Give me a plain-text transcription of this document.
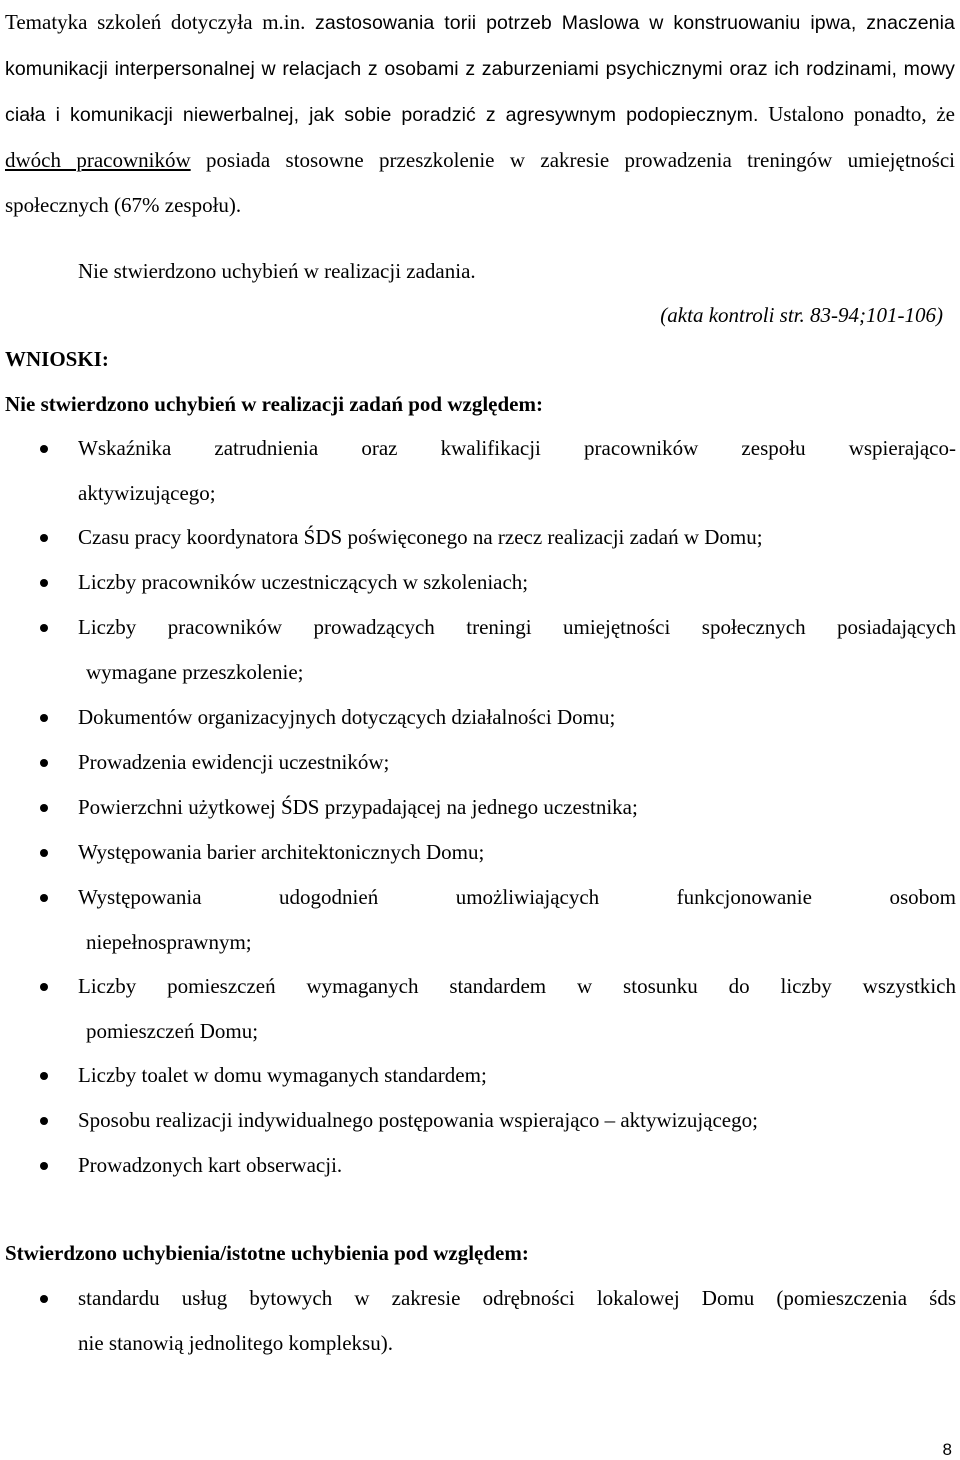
Tematyka szkoleń dotyczyła m.in. zastosowania torii potrzeb Maslowa w konstruowaniu ipwa, znaczenia komunikacji interpersonalnej w relacjach z osobami z zaburzeniami psychicznymi oraz ich rodzinami, mowy ciała i komunikacji niewerbalnej, jak sobie poradzić z agresywnym podopiecznym. Ustalono ponadto, że dwóch pracowników posiada stosowne przeszkolenie w zakresie prowadzenia treningów umiejętności społecznych (67% zespołu).

Nie stwierdzono uchybień w realizacji zadania.

(akta kontroli str. 83-94;101-106)

WNIOSKI:

Nie stwierdzono uchybień w realizacji zadań pod względem:

Wskaźnika zatrudnienia oraz kwalifikacji pracowników zespołu wspierająco-
aktywizującego;

Czasu pracy koordynatora ŚDS poświęconego na rzecz realizacji zadań w Domu;

Liczby pracowników uczestniczących w szkoleniach;

Liczby pracowników prowadzących treningi umiejętności społecznych posiadających
wymagane przeszkolenie;

Dokumentów organizacyjnych dotyczących działalności Domu;

Prowadzenia ewidencji uczestników;

Powierzchni użytkowej ŚDS przypadającej na jednego uczestnika;

Występowania barier architektonicznych Domu;

Występowania udogodnień umożliwiających funkcjonowanie osobom
niepełnosprawnym;

Liczby pomieszczeń wymaganych standardem w stosunku do liczby wszystkich
pomieszczeń Domu;

Liczby toalet w domu wymaganych standardem;

Sposobu realizacji indywidualnego postępowania wspierająco – aktywizującego;

Prowadzonych kart obserwacji.

Stwierdzono uchybienia/istotne uchybienia pod względem:

standardu usług bytowych w zakresie odrębności lokalowej Domu (pomieszczenia śds
nie stanowią jednolitego kompleksu).

8
